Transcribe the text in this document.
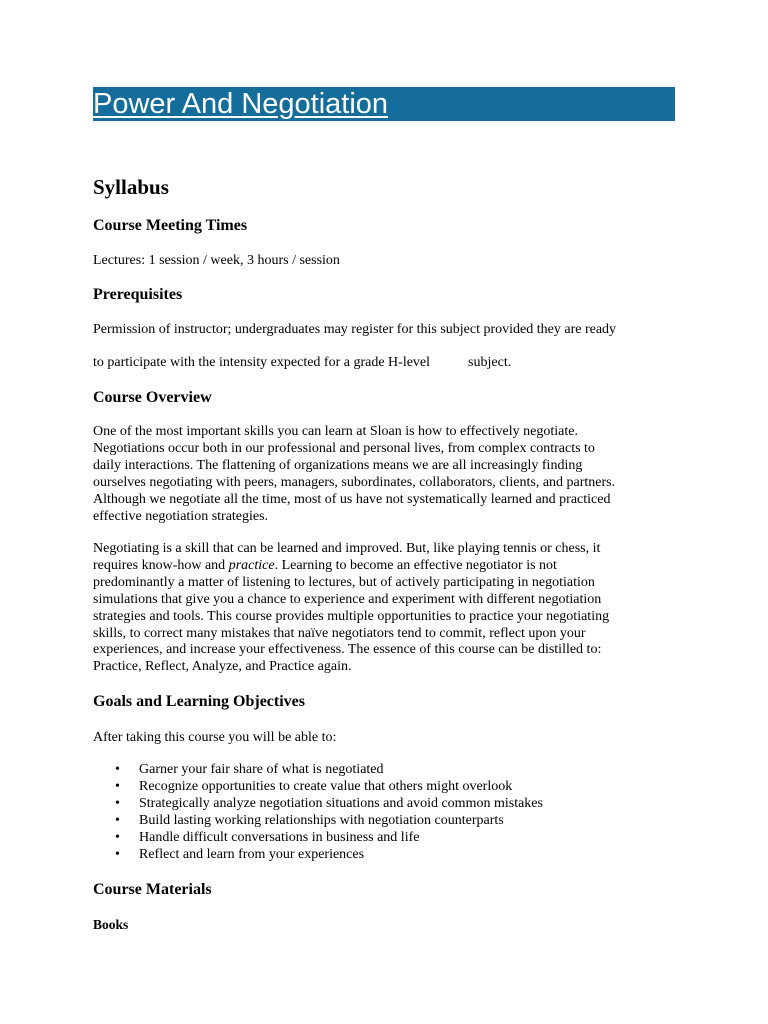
Power And Negotiation
Syllabus
Course Meeting Times

Lectures: 1 session / week, 3 hours / session

Prerequisites

Permission of instructor; undergraduates may register for this subject provided they are ready

to participate with the intensity expected for a grade H-level	subject.

Course Overview
One of the most important skills you can learn at Sloan is how to effectively negotiate.
Negotiations occur both in our professional and personal lives, from complex contracts to
daily interactions. The flattening of organizations means we are all increasingly finding
ourselves negotiating with peers, managers, subordinates, collaborators, clients, and partners.
Although we negotiate all the time, most of us have not systematically learned and practiced
effective negotiation strategies.
Negotiating is a skill that can be learned and improved. But, like playing tennis or chess, it
requires know-how and practice. Learning to become an effective negotiator is not
predominantly a matter of listening to lectures, but of actively participating in negotiation
simulations that give you a chance to experience and experiment with different negotiation
strategies and tools. This course provides multiple opportunities to practice your negotiating
skills, to correct many mistakes that naïve negotiators tend to commit, reflect upon your
experiences, and increase your effectiveness. The essence of this course can be distilled to:
Practice, Reflect, Analyze, and Practice again.
Goals and Learning Objectives

After taking this course you will be able to:

• Garner your fair share of what is negotiated
• Recognize opportunities to create value that others might overlook
• Strategically analyze negotiation situations and avoid common mistakes
• Build lasting working relationships with negotiation counterparts
• Handle difficult conversations in business and life
• Reflect and learn from your experiences
Course Materials
Books
